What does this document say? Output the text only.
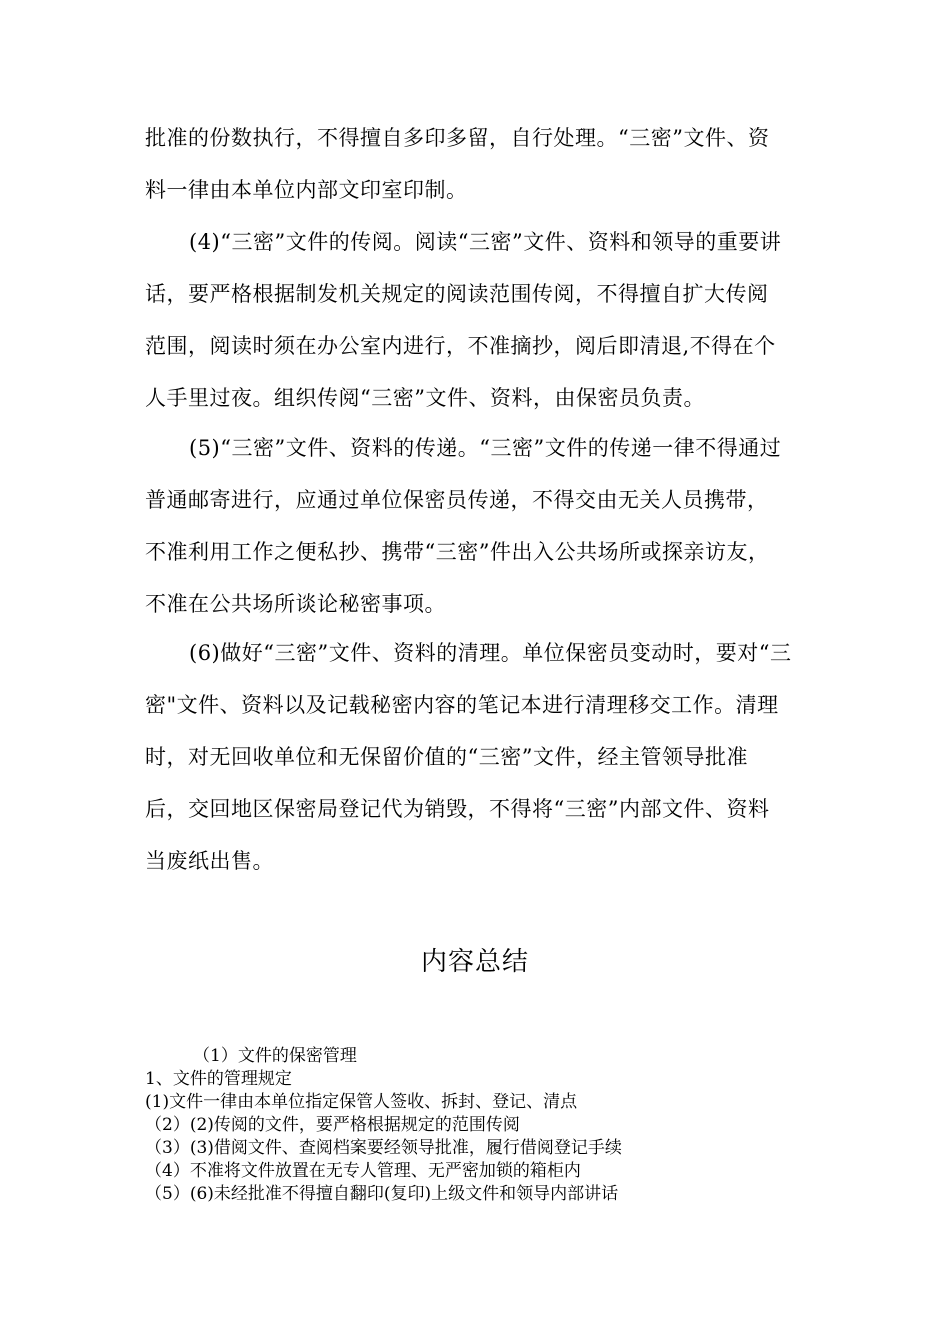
批准的份数执行，不得擅自多印多留，自行处理。“三密”文件、资
料一律由本单位内部文印室印制。
(4)“三密”文件的传阅。阅读“三密”文件、资料和领导的重要讲
话，要严格根据制发机关规定的阅读范围传阅，不得擅自扩大传阅
范围，阅读时须在办公室内进行，不准摘抄，阅后即清退,不得在个
人手里过夜。组织传阅“三密”文件、资料，由保密员负责。
(5)“三密”文件、资料的传递。“三密”文件的传递一律不得通过
普通邮寄进行，应通过单位保密员传递，不得交由无关人员携带，
不准利用工作之便私抄、携带“三密”件出入公共场所或探亲访友，
不准在公共场所谈论秘密事项。
(6)做好“三密”文件、资料的清理。单位保密员变动时，要对“三
密"文件、资料以及记载秘密内容的笔记本进行清理移交工作。清理
时，对无回收单位和无保留价值的“三密”文件，经主管领导批准
后，交回地区保密局登记代为销毁，不得将“三密”内部文件、资料
当废纸出售。
内容总结
（1）文件的保密管理
1、文件的管理规定
(1)文件一律由本单位指定保管人签收、拆封、登记、清点
（2）(2)传阅的文件，要严格根据规定的范围传阅
（3）(3)借阅文件、查阅档案要经领导批准，履行借阅登记手续
（4）不准将文件放置在无专人管理、无严密加锁的箱柜内
（5）(6)未经批准不得擅自翻印(复印)上级文件和领导内部讲话
